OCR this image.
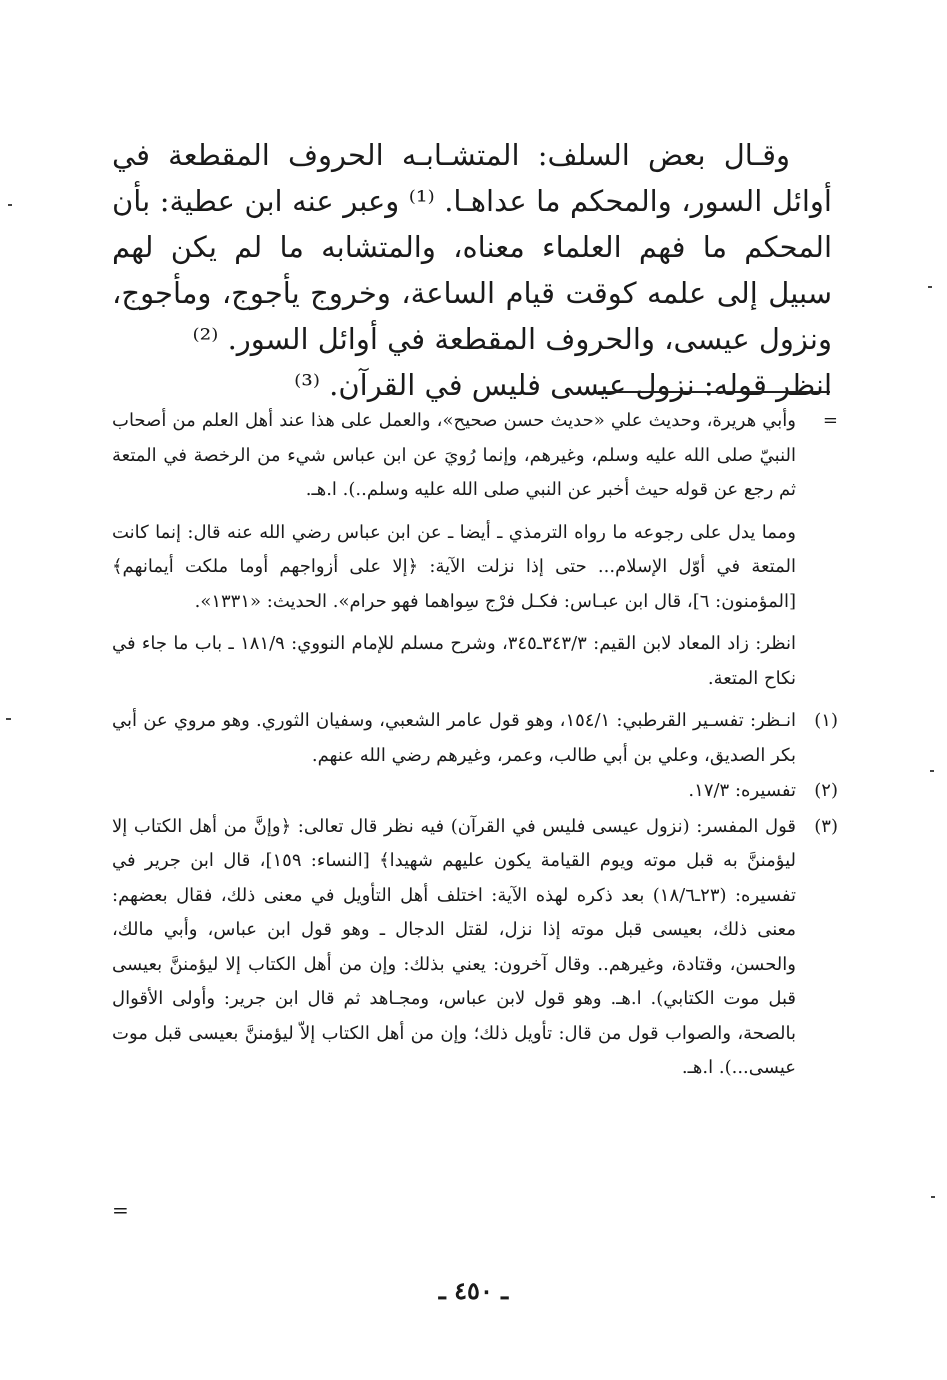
وقـال بعض السلف: المتشـابـه الحروف المقطعة في أوائل السور، والمحكم ما عداهـا. ⁽¹⁾ وعبر عنه ابن عطية: بأن المحكم ما فهم العلماء معناه، والمتشابه ما لم يكن لهم سبيل إلى علمه كوقت قيام الساعة، وخروج يأجوج، ومأجوج، ونزول عيسى، والحروف المقطعة في أوائل السور. ⁽²⁾

انظر قوله: نزول عيسى فليس في القرآن. ⁽³⁾

=

وأبي هريرة، وحديث علي «حديث حسن صحيح»، والعمل على هذا عند أهل العلم من أصحاب النبيّ صلى الله عليه وسلم، وغيرهم، وإنما رُويَ عن ابن عباس شيء من الرخصة في المتعة ثم رجع عن قوله حيث أخبر عن النبي صلى الله عليه وسلم..). ا.هـ.

ومما يدل على رجوعه ما رواه الترمذي ـ أيضا ـ عن ابن عباس رضي الله عنه قال: إنما كانت المتعة في أوّل الإسلام... حتى إذا نزلت الآية: ﴿إلا على أزواجهم أوما ملكت أيمانهم﴾ [المؤمنون: ٦]، قال ابن عبـاس: فكـل فرْج سِواهما فهو حرام». الحديث: «١٣٣١».

انظر: زاد المعاد لابن القيم: ٣٤٣/٣ـ٣٤٥، وشرح مسلم للإمام النووي: ١٨١/٩ ـ باب ما جاء في نكاح المتعة.

(١)
انـظر: تفسـير القرطبي: ١٥٤/١، وهو قول عامر الشعبي، وسفيان الثوري. وهو مروي عن أبي بكر الصديق، وعلي بن أبي طالب، وعمر، وغيرهم رضي الله عنهم.
(٢)
تفسيره: ١٧/٣.
(٣)
قول المفسر: (نزول عيسى فليس في القرآن) فيه نظر قال تعالى: ﴿وإنَّ من أهل الكتاب إلا ليؤمننَّ به قبل موته ويوم القيامة يكون عليهم شهيدا﴾ [النساء: ١٥٩]، قال ابن جرير في تفسيره: (٢٣ـ١٨/٦) بعد ذكره لهذه الآية: اختلف أهل التأويل في معنى ذلك، فقال بعضهم: معنى ذلك، بعيسى قبل موته إذا نزل، لقتل الدجال ـ وهو قول ابن عباس، وأبي مالك، والحسن، وقتادة، وغيرهم.. وقال آخرون: يعني بذلك: وإن من أهل الكتاب إلا ليؤمننَّ بعيسى قبل موت الكتابي). ا.هـ. وهو قول لابن عباس، ومجـاهد ثم قال ابن جرير: وأولى الأقوال بالصحة، والصواب قول من قال: تأويل ذلك؛ وإن من أهل الكتاب إلاّ ليؤمننَّ بعيسى قبل موت عيسى...). ا.هـ.
=
ـ ٤٥٠ ـ
